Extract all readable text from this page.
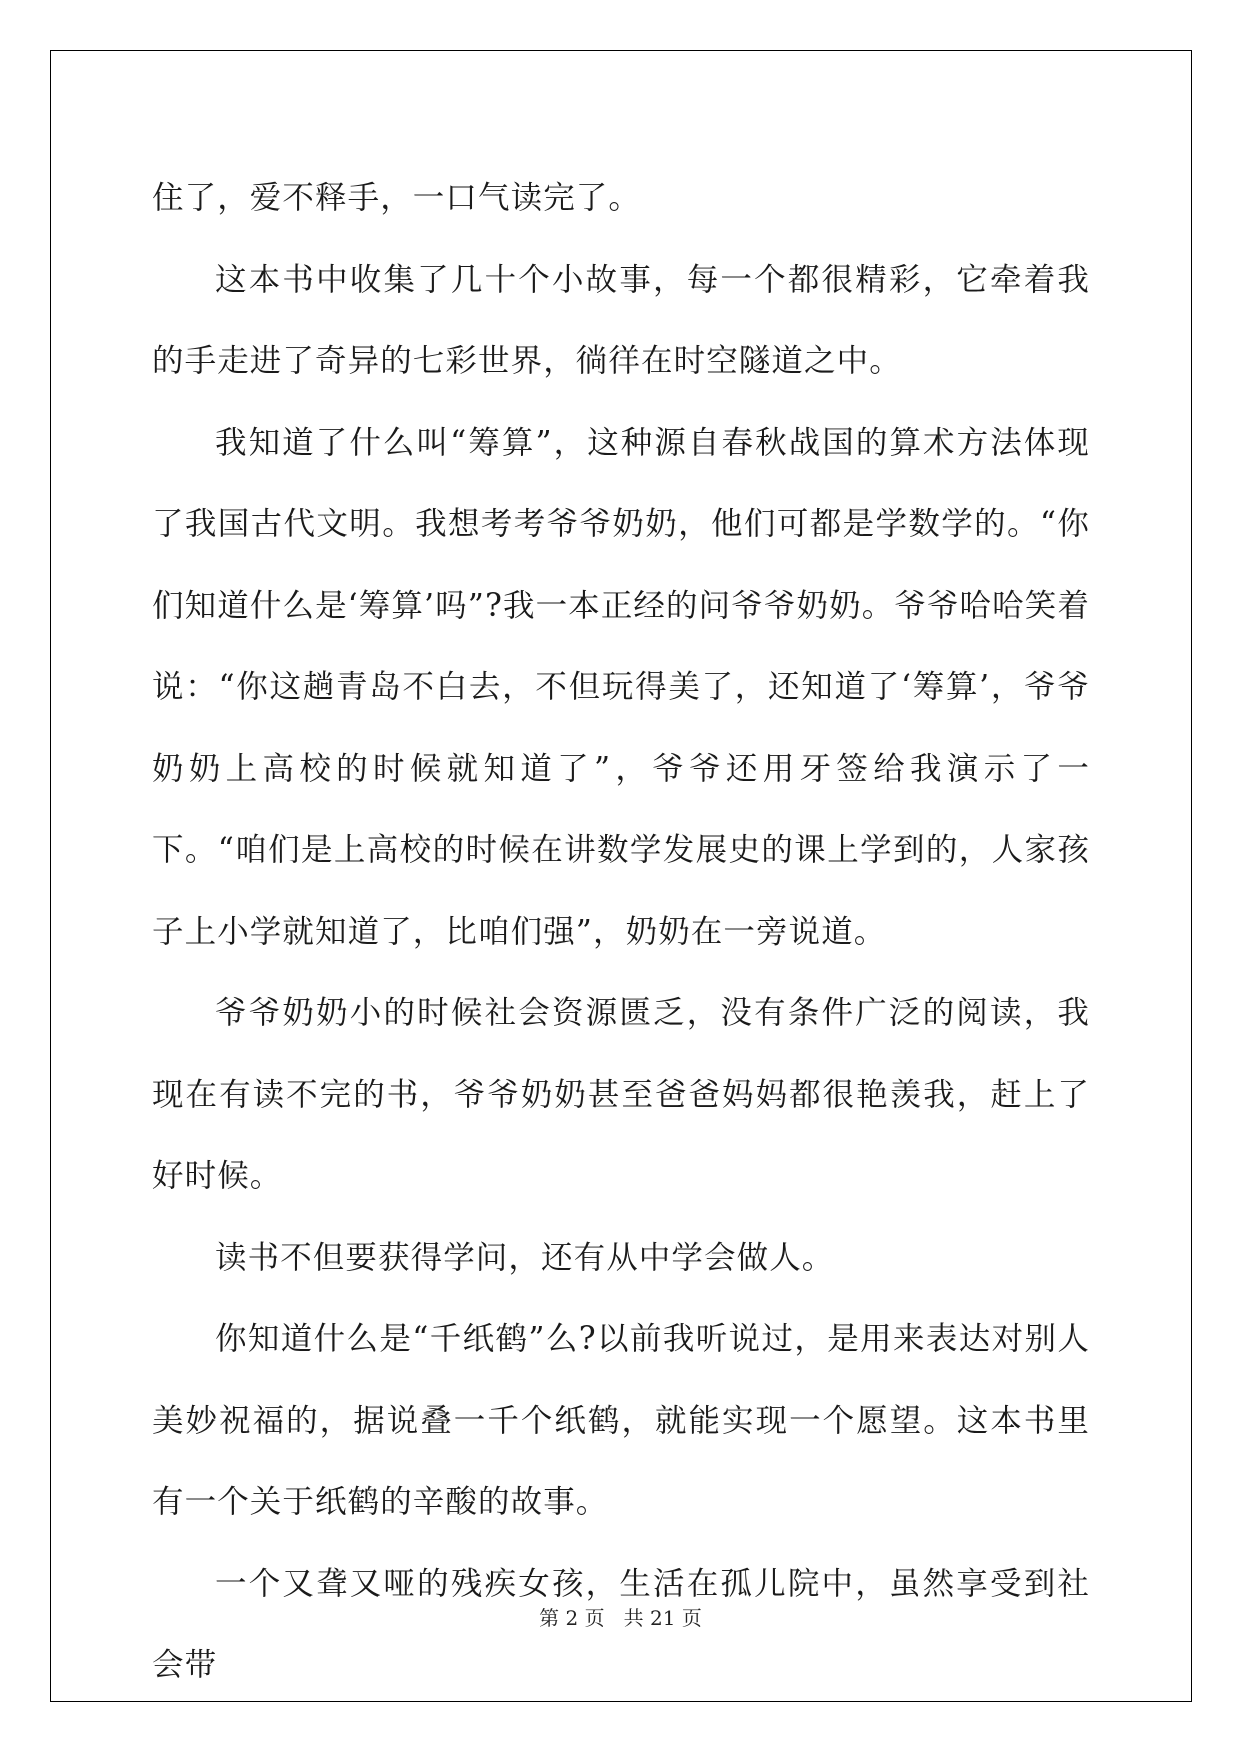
住了，爱不释手，一口气读完了。

这本书中收集了几十个小故事，每一个都很精彩，它牵着我的手走进了奇异的七彩世界，徜徉在时空隧道之中。

我知道了什么叫“筹算”，这种源自春秋战国的算术方法体现了我国古代文明。我想考考爷爷奶奶，他们可都是学数学的。“你们知道什么是‘筹算’吗”?我一本正经的问爷爷奶奶。爷爷哈哈笑着说：“你这趟青岛不白去，不但玩得美了，还知道了‘筹算’，爷爷奶奶上高校的时候就知道了”，爷爷还用牙签给我演示了一下。“咱们是上高校的时候在讲数学发展史的课上学到的，人家孩子上小学就知道了，比咱们强”，奶奶在一旁说道。

爷爷奶奶小的时候社会资源匮乏，没有条件广泛的阅读，我现在有读不完的书，爷爷奶奶甚至爸爸妈妈都很艳羡我，赶上了好时候。

读书不但要获得学问，还有从中学会做人。

你知道什么是“千纸鹤”么?以前我听说过，是用来表达对别人美妙祝福的，据说叠一千个纸鹤，就能实现一个愿望。这本书里有一个关于纸鹤的辛酸的故事。

一个又聋又哑的残疾女孩，生活在孤儿院中，虽然享受到社会带

第 2 页 共 21 页
